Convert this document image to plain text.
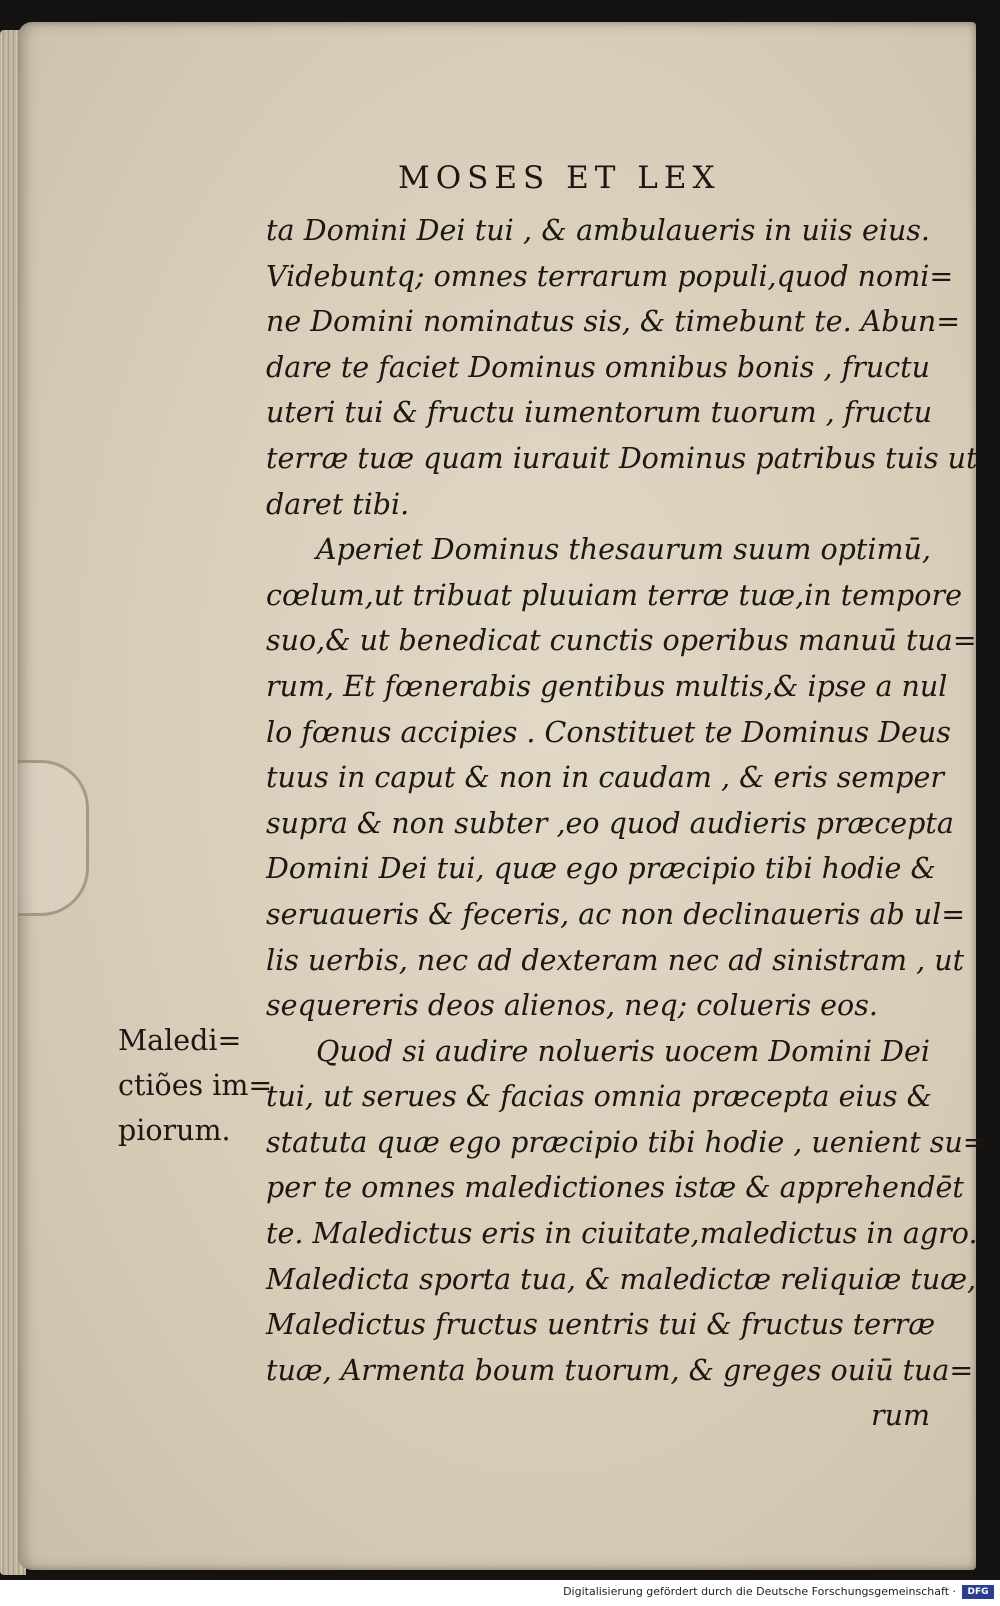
MOSES ET LEX
ta Domini Dei tui , & ambulaueris in uiis eius.
Videbuntq; omnes terrarum populi,quod nomi=
ne Domini nominatus sis, & timebunt te. Abun=
dare te faciet Dominus omnibus bonis , fructu
uteri tui & fructu iumentorum tuorum , fructu
terræ tuæ quam iurauit Dominus patribus tuis ut
daret tibi.
Aperiet Dominus thesaurum suum optimū,
cœlum,ut tribuat pluuiam terræ tuæ,in tempore
suo,& ut benedicat cunctis operibus manuū tua=
rum, Et fœnerabis gentibus multis,& ipse a nul
lo fœnus accipies . Constituet te Dominus Deus
tuus in caput & non in caudam , & eris semper
supra & non subter ,eo quod audieris præcepta
Domini Dei tui, quæ ego præcipio tibi hodie &
seruaueris & feceris, ac non declinaueris ab ul=
lis uerbis, nec ad dexteram nec ad sinistram , ut
sequereris deos alienos, neq; colueris eos.
Quod si audire nolueris uocem Domini Dei
tui, ut serues & facias omnia præcepta eius &
statuta quæ ego præcipio tibi hodie , uenient su=
per te omnes maledictiones istæ & apprehendēt
te. Maledictus eris in ciuitate,maledictus in agro.
Maledicta sporta tua, & maledictæ reliquiæ tuæ,
Maledictus fructus uentris tui & fructus terræ
tuæ, Armenta boum tuorum, & greges ouiū tua=
rum
Maledi=
ctiões im=
piorum.
Digitalisierung gefördert durch die Deutsche Forschungsgemeinschaft ·	DFG
